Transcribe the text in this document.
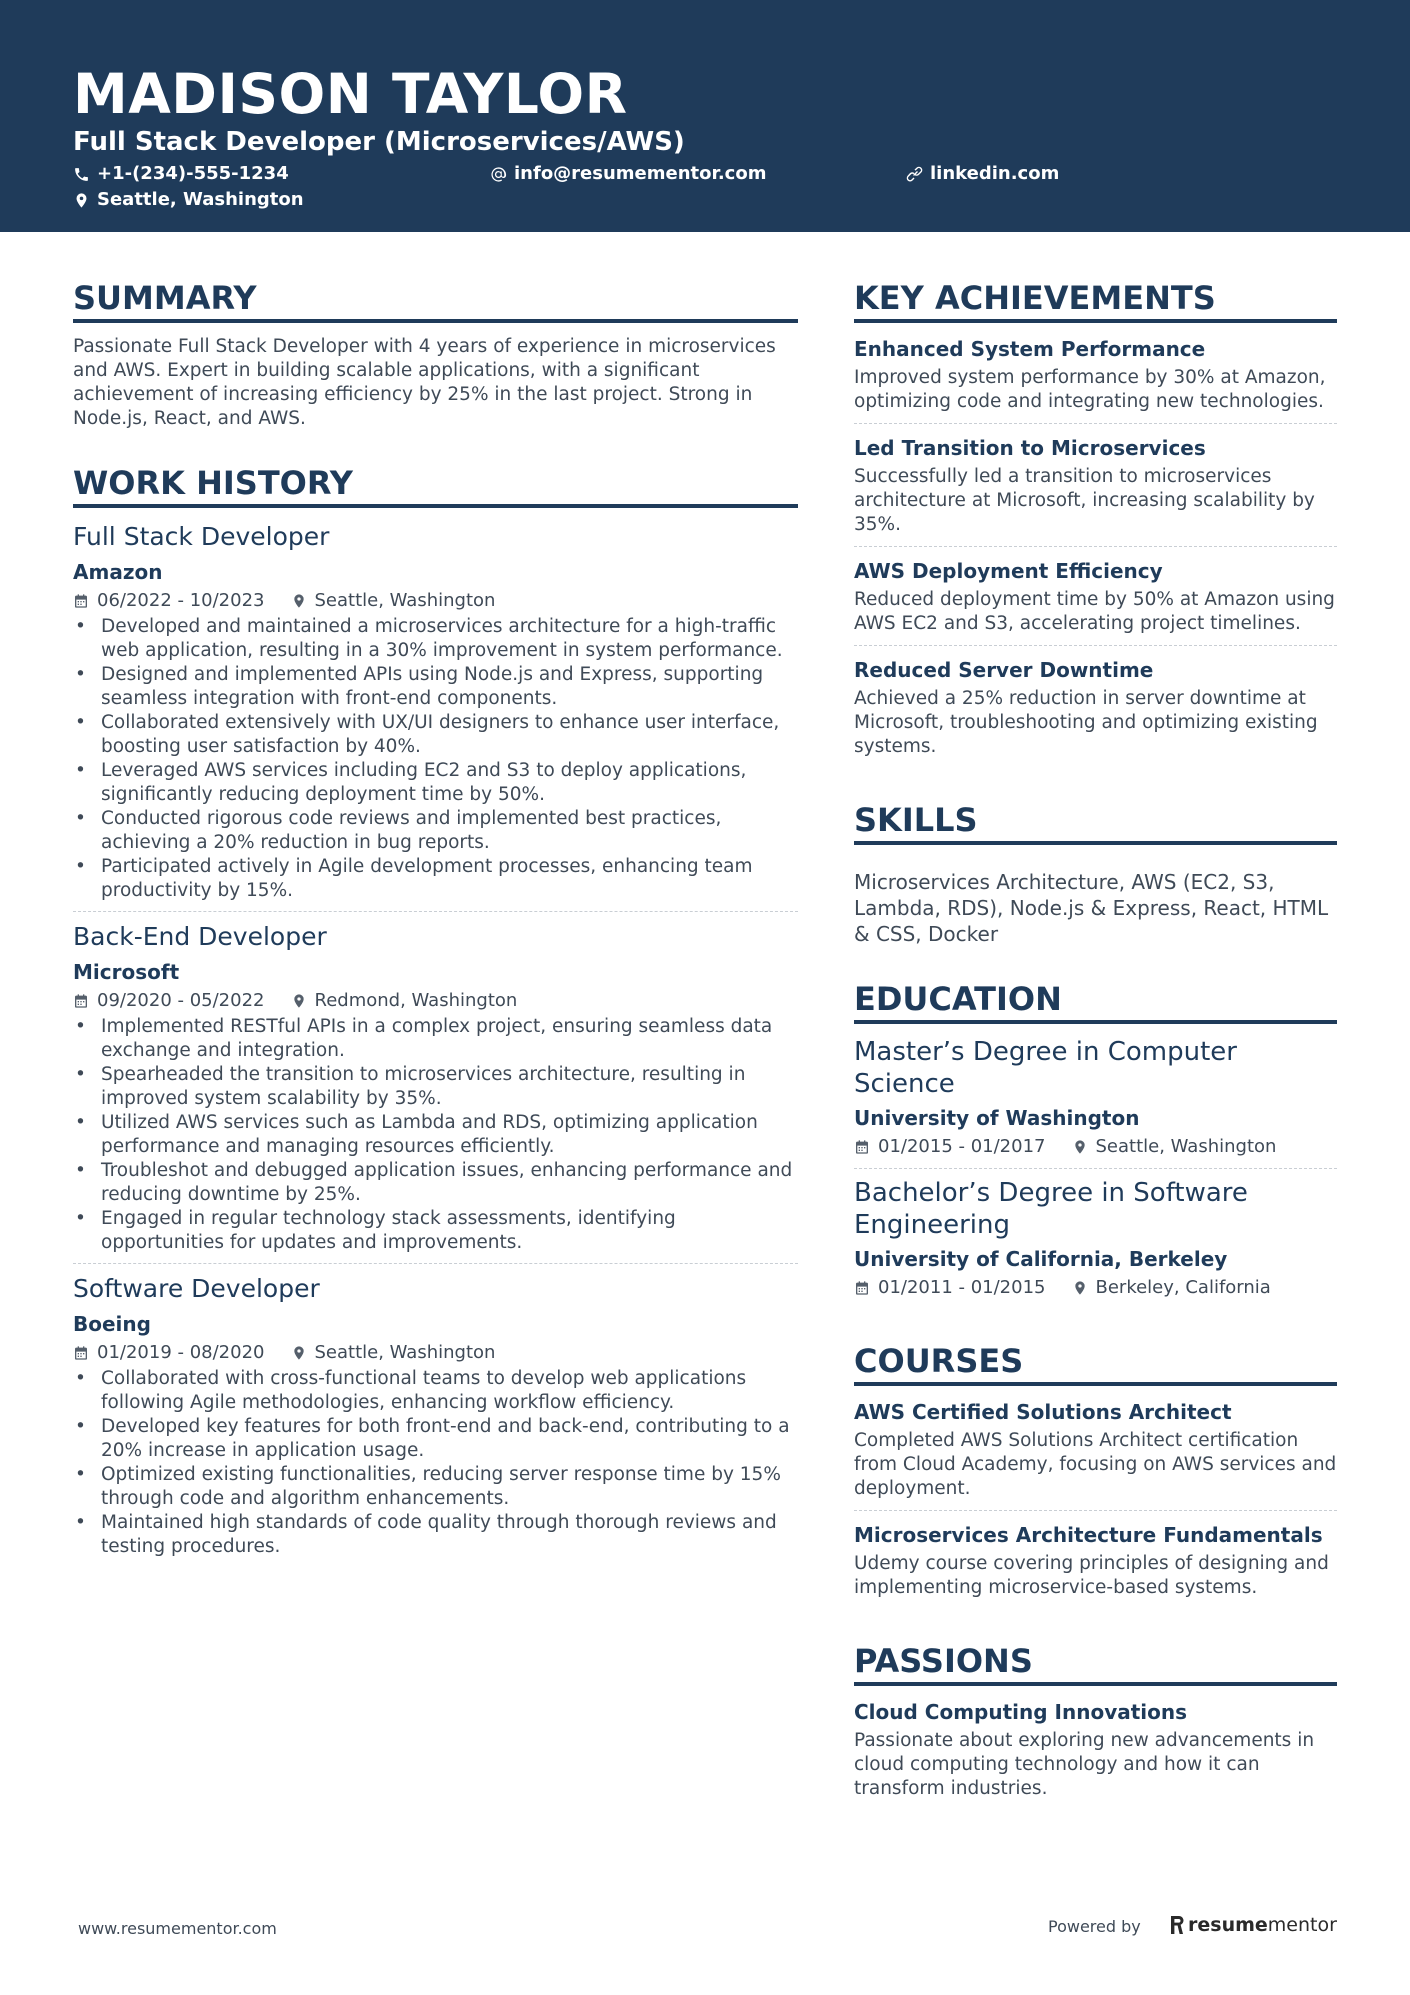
MADISON TAYLOR
Full Stack Developer (Microservices/AWS)
+1-(234)-555-1234	info@resumementor.com	linkedin.com
Seattle, Washington
SUMMARY
Passionate Full Stack Developer with 4 years of experience in microservices and AWS. Expert in building scalable applications, with a significant achievement of increasing efficiency by 25% in the last project. Strong in Node.js, React, and AWS.
WORK HISTORY
Full Stack Developer
Amazon
06/2022 - 10/2023	Seattle, Washington
• Developed and maintained a microservices architecture for a high-traffic web application, resulting in a 30% improvement in system performance.
• Designed and implemented APIs using Node.js and Express, supporting seamless integration with front-end components.
• Collaborated extensively with UX/UI designers to enhance user interface, boosting user satisfaction by 40%.
• Leveraged AWS services including EC2 and S3 to deploy applications, significantly reducing deployment time by 50%.
• Conducted rigorous code reviews and implemented best practices, achieving a 20% reduction in bug reports.
• Participated actively in Agile development processes, enhancing team productivity by 15%.
Back-End Developer
Microsoft
09/2020 - 05/2022	Redmond, Washington
• Implemented RESTful APIs in a complex project, ensuring seamless data exchange and integration.
• Spearheaded the transition to microservices architecture, resulting in improved system scalability by 35%.
• Utilized AWS services such as Lambda and RDS, optimizing application performance and managing resources efficiently.
• Troubleshot and debugged application issues, enhancing performance and reducing downtime by 25%.
• Engaged in regular technology stack assessments, identifying opportunities for updates and improvements.
Software Developer
Boeing
01/2019 - 08/2020	Seattle, Washington
• Collaborated with cross-functional teams to develop web applications following Agile methodologies, enhancing workflow efficiency.
• Developed key features for both front-end and back-end, contributing to a 20% increase in application usage.
• Optimized existing functionalities, reducing server response time by 15% through code and algorithm enhancements.
• Maintained high standards of code quality through thorough reviews and testing procedures.
KEY ACHIEVEMENTS
Enhanced System Performance
Improved system performance by 30% at Amazon, optimizing code and integrating new technologies.
Led Transition to Microservices
Successfully led a transition to microservices architecture at Microsoft, increasing scalability by 35%.
AWS Deployment Efficiency
Reduced deployment time by 50% at Amazon using AWS EC2 and S3, accelerating project timelines.
Reduced Server Downtime
Achieved a 25% reduction in server downtime at Microsoft, troubleshooting and optimizing existing systems.
SKILLS
Microservices Architecture, AWS (EC2, S3, Lambda, RDS), Node.js & Express, React, HTML & CSS, Docker
EDUCATION
Master’s Degree in Computer Science
University of Washington
01/2015 - 01/2017	Seattle, Washington
Bachelor’s Degree in Software Engineering
University of California, Berkeley
01/2011 - 01/2015	Berkeley, California
COURSES
AWS Certified Solutions Architect
Completed AWS Solutions Architect certification from Cloud Academy, focusing on AWS services and deployment.
Microservices Architecture Fundamentals
Udemy course covering principles of designing and implementing microservice-based systems.
PASSIONS
Cloud Computing Innovations
Passionate about exploring new advancements in cloud computing technology and how it can transform industries.
www.resumementor.com	Powered by resume mentor
